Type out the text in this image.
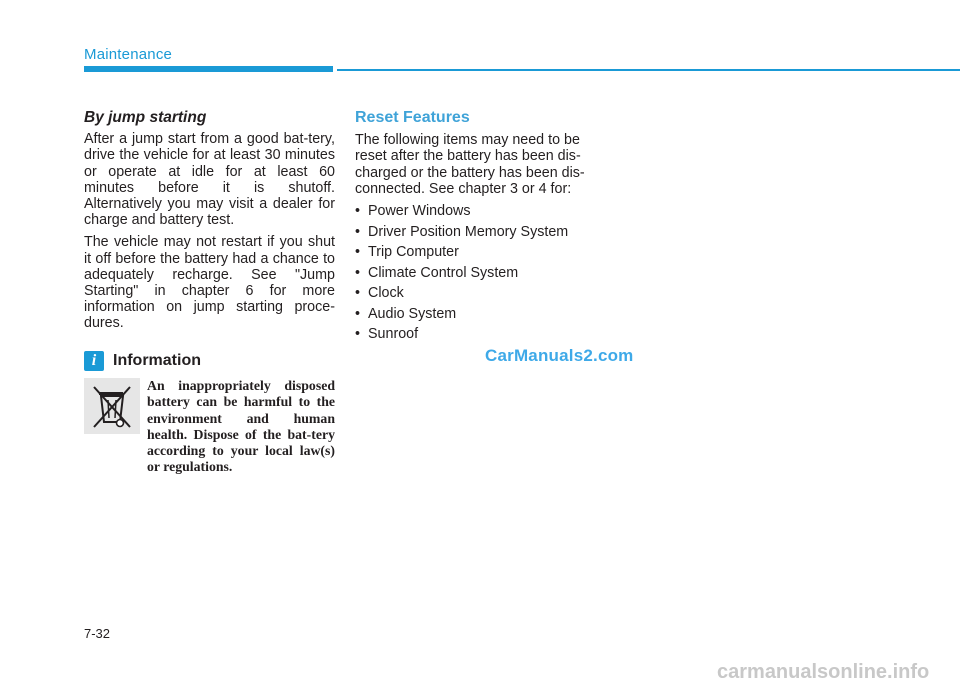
Maintenance
By jump starting

After a jump start from a good bat-tery, drive the vehicle for at least 30 minutes or operate at idle for at least 60 minutes before it is shutoff. Alternatively you may visit a dealer for charge and battery test.

The vehicle may not restart if you shut it off before the battery had a chance to adequately recharge. See "Jump Starting" in chapter 6 for more information on jump starting proce-dures.

i	Information
An inappropriately disposed battery can be harmful to the environment and human health. Dispose of the bat-tery according to your local law(s) or regulations.
Reset Features

The following items may need to be reset after the battery has been dis-charged or the battery has been dis-connected. See chapter 3 or 4 for:

• Power Windows
• Driver Position Memory System
• Trip Computer
• Climate Control System
• Clock
• Audio System
• Sunroof
CarManuals2.com
7-32
carmanualsonline.info
